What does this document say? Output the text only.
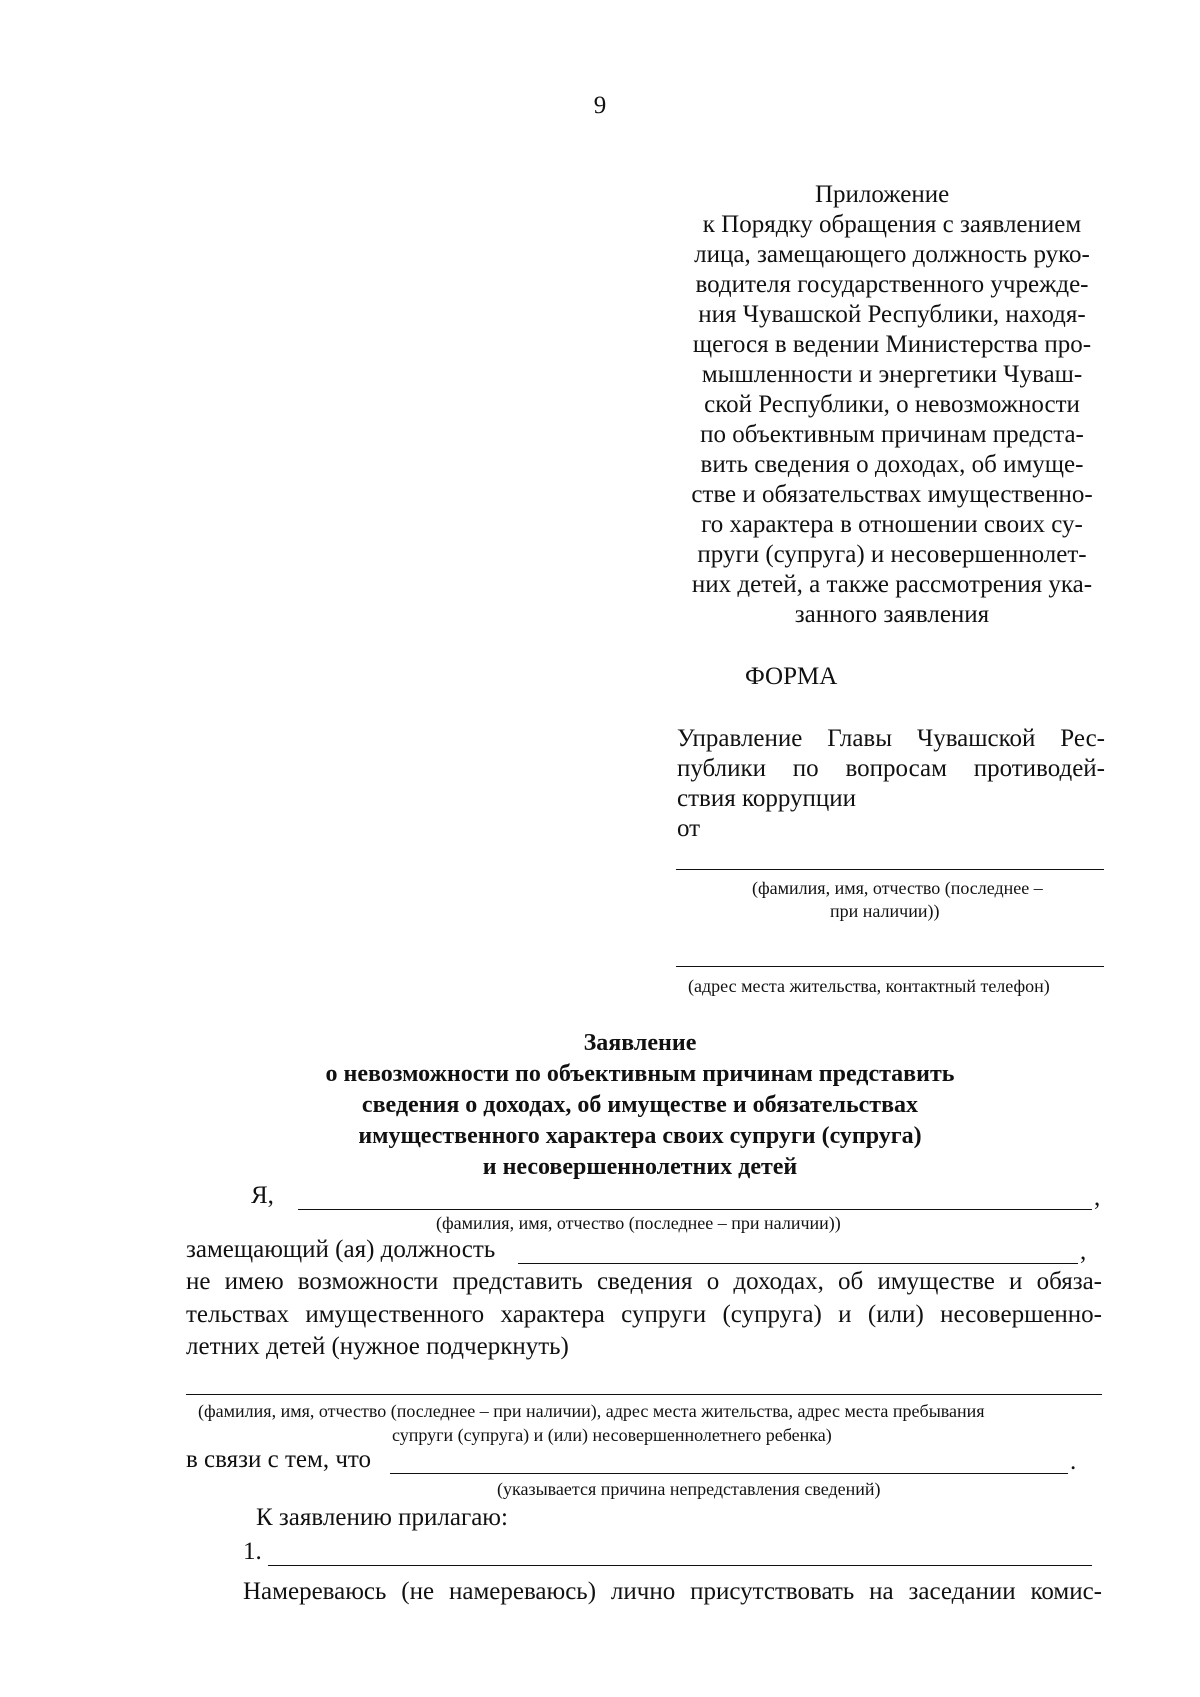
9
Приложение
к Порядку обращения с заявлением
лица, замещающего должность руко-
водителя государственного учрежде-
ния Чувашской Республики, находя-
щегося в ведении Министерства про-
мышленности и энергетики Чуваш-
ской Республики, о невозможности
по объективным причинам предста-
вить сведения о доходах, об имуще-
стве и обязательствах имущественно-
го характера в отношении своих су-
пруги (супруга) и несовершеннолет-
них детей, а также рассмотрения ука-
занного заявления
ФОРМА
Управление Главы Чувашской Рес-
публики по вопросам противодей-
ствия коррупции
от
(фамилия, имя, отчество (последнее –
при наличии))
(адрес места жительства, контактный телефон)
Заявление
о невозможности по объективным причинам представить
сведения о доходах, об имуществе и обязательствах
имущественного характера своих супруги (супруга)
и несовершеннолетних детей
Я,	,
(фамилия, имя, отчество (последнее – при наличии))
замещающий (ая) должность	,
не имею возможности представить сведения о доходах, об имуществе и обяза-
тельствах имущественного характера супруги (супруга) и (или) несовершенно-
летних детей (нужное подчеркнуть)
(фамилия, имя, отчество (последнее – при наличии), адрес места жительства, адрес места пребывания
супруги (супруга) и (или) несовершеннолетнего ребенка)
в связи с тем, что	.
(указывается причина непредставления сведений)
К заявлению прилагаю:
1.
Намереваюсь (не намереваюсь) лично присутствовать на заседании комис-
